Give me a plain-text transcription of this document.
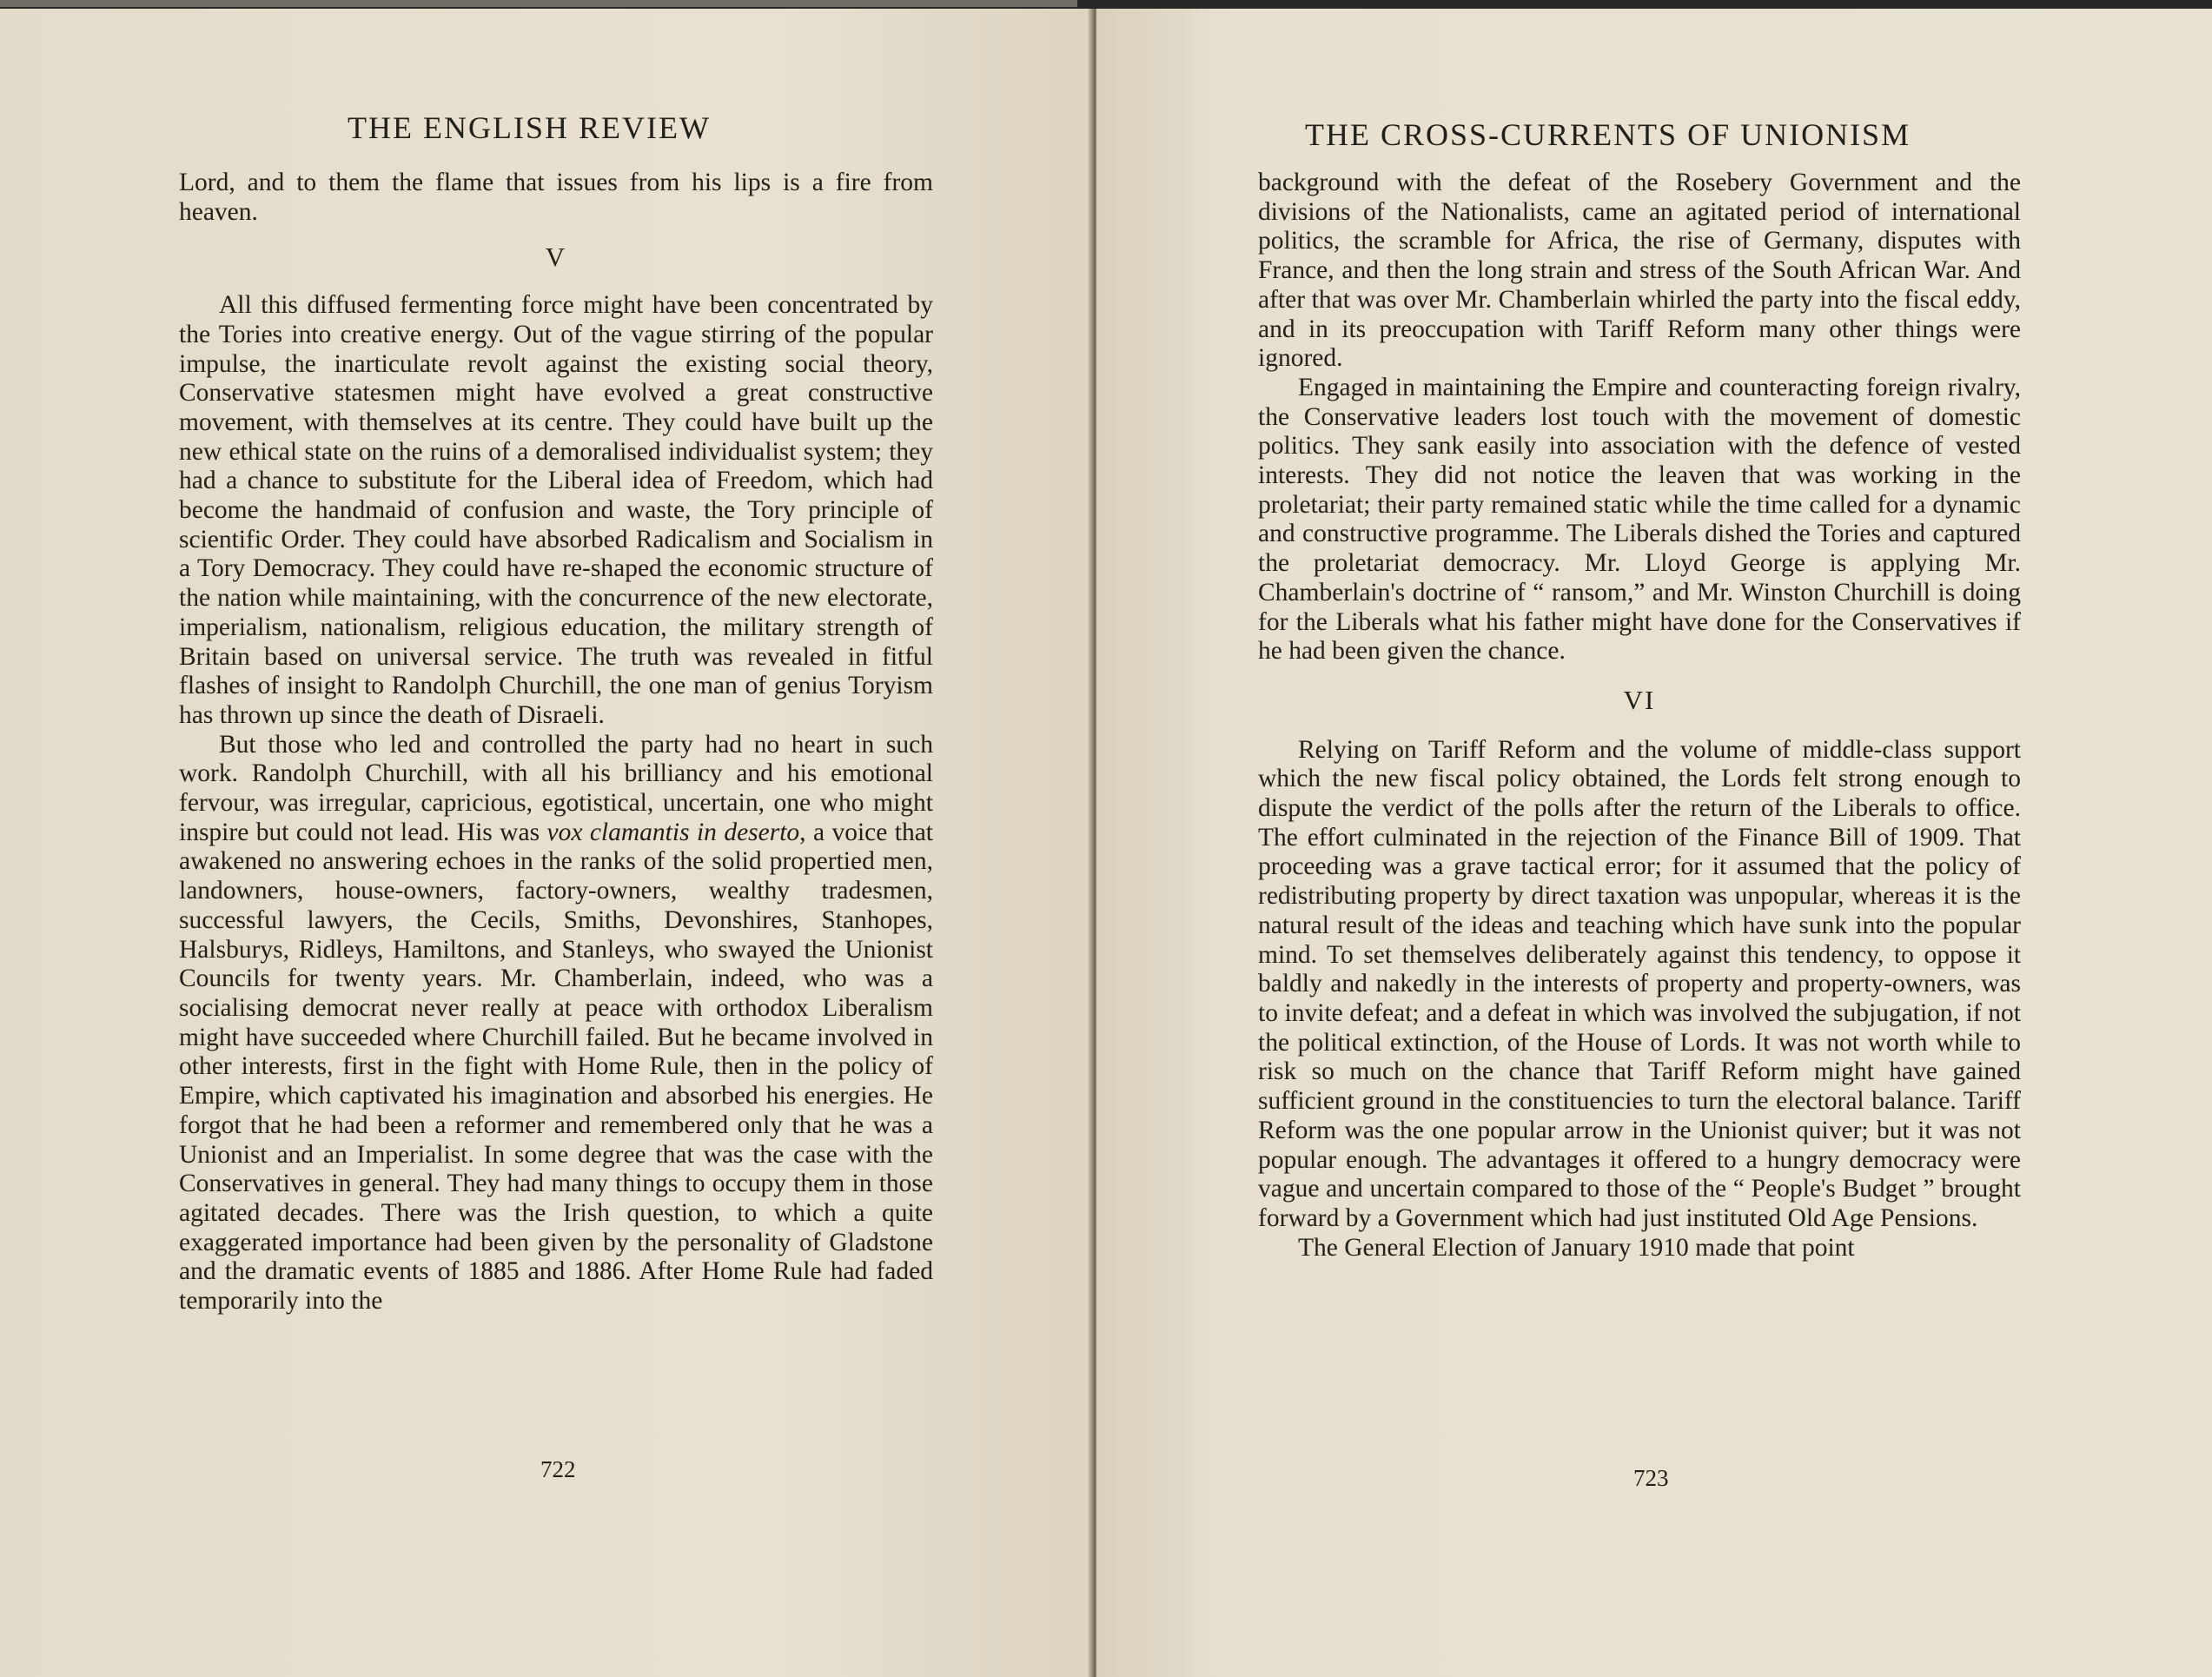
THE ENGLISH REVIEW

Lord, and to them the flame that issues from his lips is a fire from heaven.

V

All this diffused fermenting force might have been concentrated by the Tories into creative energy. Out of the vague stirring of the popular impulse, the inarticulate revolt against the existing social theory, Conservative statesmen might have evolved a great constructive movement, with themselves at its centre. They could have built up the new ethical state on the ruins of a demoralised individualist system; they had a chance to substitute for the Liberal idea of Freedom, which had become the handmaid of confusion and waste, the Tory principle of scientific Order. They could have absorbed Radicalism and Socialism in a Tory Democracy. They could have re-shaped the economic structure of the nation while maintaining, with the concurrence of the new electorate, imperialism, nationalism, religious education, the military strength of Britain based on universal service. The truth was revealed in fitful flashes of insight to Randolph Churchill, the one man of genius Toryism has thrown up since the death of Disraeli.

But those who led and controlled the party had no heart in such work. Randolph Churchill, with all his brilliancy and his emotional fervour, was irregular, capricious, egotistical, uncertain, one who might inspire but could not lead. His was vox clamantis in deserto, a voice that awakened no answering echoes in the ranks of the solid propertied men, landowners, house-owners, factory-owners, wealthy tradesmen, successful lawyers, the Cecils, Smiths, Devonshires, Stanhopes, Halsburys, Ridleys, Hamiltons, and Stanleys, who swayed the Unionist Councils for twenty years. Mr. Chamberlain, indeed, who was a socialising democrat never really at peace with orthodox Liberalism might have succeeded where Churchill failed. But he became involved in other interests, first in the fight with Home Rule, then in the policy of Empire, which captivated his imagination and absorbed his energies. He forgot that he had been a reformer and remembered only that he was a Unionist and an Imperialist. In some degree that was the case with the Conservatives in general. They had many things to occupy them in those agitated decades. There was the Irish question, to which a quite exaggerated importance had been given by the personality of Gladstone and the dramatic events of 1885 and 1886. After Home Rule had faded temporarily into the

722
THE CROSS-CURRENTS OF UNIONISM

background with the defeat of the Rosebery Government and the divisions of the Nationalists, came an agitated period of international politics, the scramble for Africa, the rise of Germany, disputes with France, and then the long strain and stress of the South African War. And after that was over Mr. Chamberlain whirled the party into the fiscal eddy, and in its preoccupation with Tariff Reform many other things were ignored.

Engaged in maintaining the Empire and counteracting foreign rivalry, the Conservative leaders lost touch with the movement of domestic politics. They sank easily into association with the defence of vested interests. They did not notice the leaven that was working in the proletariat; their party remained static while the time called for a dynamic and constructive programme. The Liberals dished the Tories and captured the proletariat democracy. Mr. Lloyd George is applying Mr. Chamberlain's doctrine of “ ransom,” and Mr. Winston Churchill is doing for the Liberals what his father might have done for the Conservatives if he had been given the chance.

VI

Relying on Tariff Reform and the volume of middle-class support which the new fiscal policy obtained, the Lords felt strong enough to dispute the verdict of the polls after the return of the Liberals to office. The effort culminated in the rejection of the Finance Bill of 1909. That proceeding was a grave tactical error; for it assumed that the policy of redistributing property by direct taxation was unpopular, whereas it is the natural result of the ideas and teaching which have sunk into the popular mind. To set themselves deliberately against this tendency, to oppose it baldly and nakedly in the interests of property and property-owners, was to invite defeat; and a defeat in which was involved the subjugation, if not the political extinction, of the House of Lords. It was not worth while to risk so much on the chance that Tariff Reform might have gained sufficient ground in the constituencies to turn the electoral balance. Tariff Reform was the one popular arrow in the Unionist quiver; but it was not popular enough. The advantages it offered to a hungry democracy were vague and uncertain compared to those of the “ People's Budget ” brought forward by a Government which had just instituted Old Age Pensions.

The General Election of January 1910 made that point

723
